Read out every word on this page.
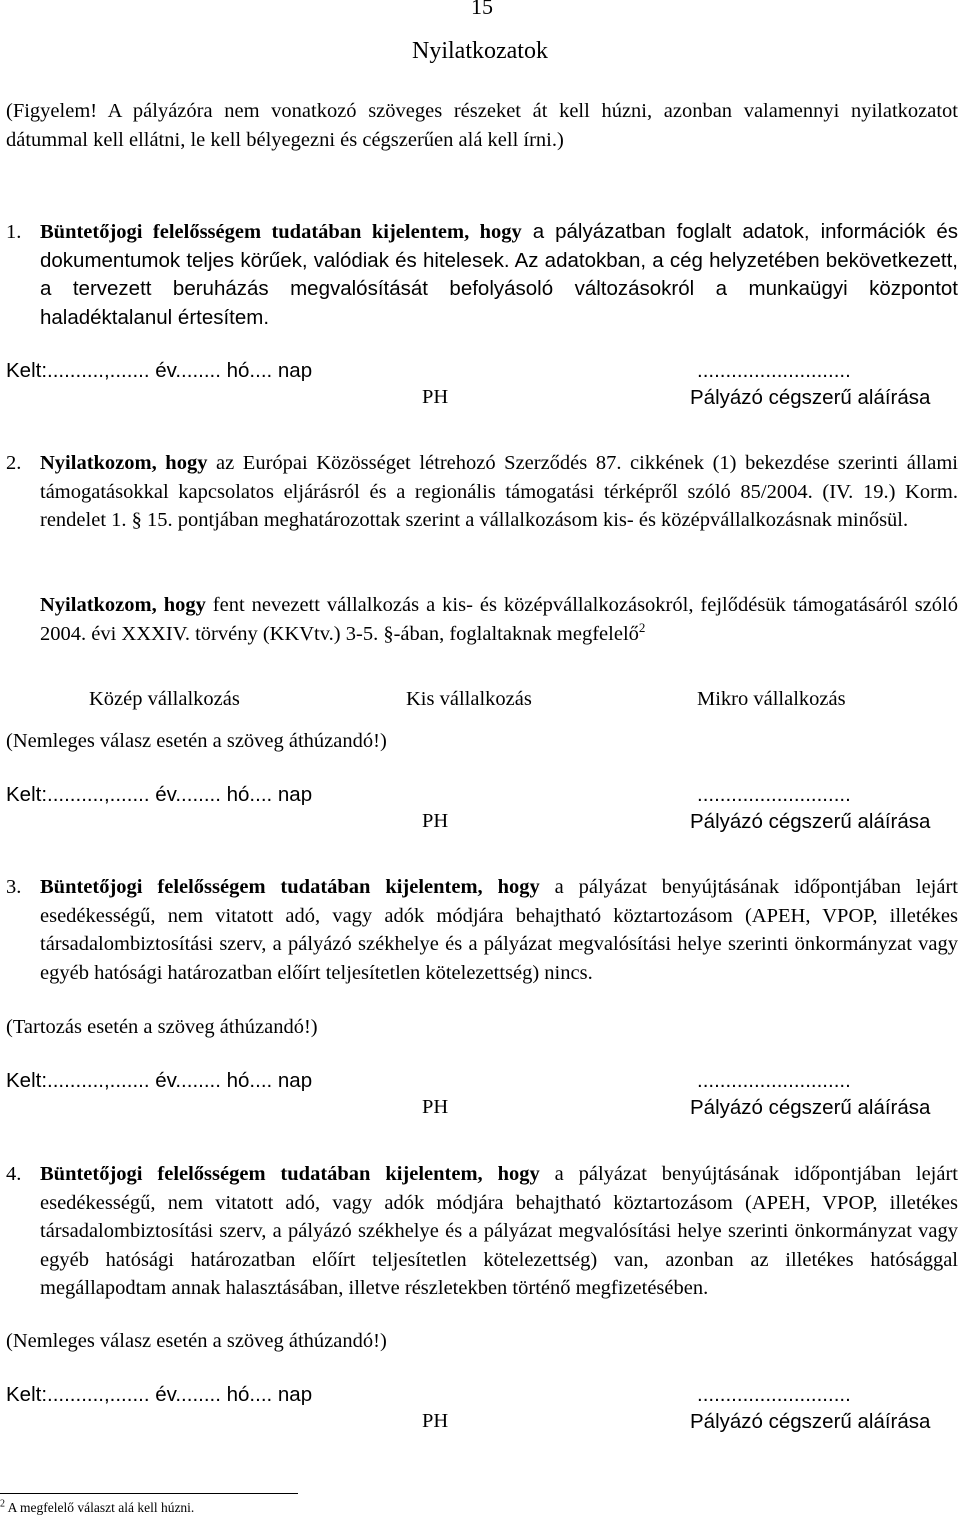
15
Nyilatkozatok
(Figyelem! A pályázóra nem vonatkozó szöveges részeket át kell húzni, azonban valamennyi nyilatkozatot dátummal kell ellátni, le kell bélyegezni és cégszerűen alá kell írni.)
1. Büntetőjogi felelősségem tudatában kijelentem, hogy a pályázatban foglalt adatok, információk és dokumentumok teljes körűek, valódiak és hitelesek. Az adatokban, a cég helyzetében bekövetkezett, a tervezett beruházás megvalósítását befolyásoló változásokról a munkaügyi központot haladéktalanul értesítem.
Kelt:..........,....... év........ hó.... nap	...........................
PH	Pályázó cégszerű aláírása
2. Nyilatkozom, hogy az Európai Közösséget létrehozó Szerződés 87. cikkének (1) bekezdése szerinti állami támogatásokkal kapcsolatos eljárásról és a regionális támogatási térképről szóló 85/2004. (IV. 19.) Korm. rendelet 1. § 15. pontjában meghatározottak szerint a vállalkozásom kis- és középvállalkozásnak minősül.
Nyilatkozom, hogy fent nevezett vállalkozás a kis- és középvállalkozásokról, fejlődésük támogatásáról szóló 2004. évi XXXIV. törvény (KKVtv.) 3-5. §-ában, foglaltaknak megfelelő$^2$
Közép vállalkozás	Kis vállalkozás	Mikro vállalkozás
(Nemleges válasz esetén a szöveg áthúzandó!)
Kelt:..........,....... év........ hó.... nap	...........................
PH	Pályázó cégszerű aláírása
3. Büntetőjogi felelősségem tudatában kijelentem, hogy a pályázat benyújtásának időpontjában lejárt esedékességű, nem vitatott adó, vagy adók módjára behajtható köztartozásom (APEH, VPOP, illetékes társadalombiztosítási szerv, a pályázó székhelye és a pályázat megvalósítási helye szerinti önkormányzat vagy egyéb hatósági határozatban előírt teljesítetlen kötelezettség) nincs.
(Tartozás esetén a szöveg áthúzandó!)
Kelt:..........,....... év........ hó.... nap	...........................
PH	Pályázó cégszerű aláírása
4. Büntetőjogi felelősségem tudatában kijelentem, hogy a pályázat benyújtásának időpontjában lejárt esedékességű, nem vitatott adó, vagy adók módjára behajtható köztartozásom (APEH, VPOP, illetékes társadalombiztosítási szerv, a pályázó székhelye és a pályázat megvalósítási helye szerinti önkormányzat vagy egyéb hatósági határozatban előírt teljesítetlen kötelezettség) van, azonban az illetékes hatósággal megállapodtam annak halasztásában, illetve részletekben történő megfizetésében.
(Nemleges válasz esetén a szöveg áthúzandó!)
Kelt:..........,....... év........ hó.... nap	...........................
PH	Pályázó cégszerű aláírása
$^2$ A megfelelő választ alá kell húzni.
